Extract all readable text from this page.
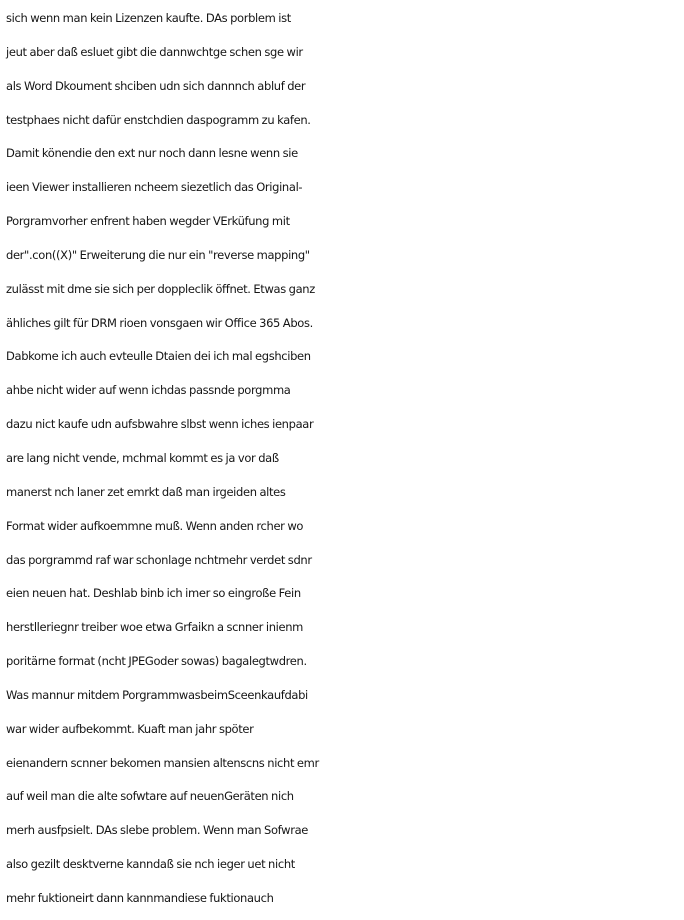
sich wenn man kein Lizenzen kaufte. DAs porblem ist
jeut aber daß esluet gibt die dannwchtge schen sge wir
als Word Dkoument shciben udn sich dannnch abluf der
testphaes nicht dafür enstchdien daspogramm zu kafen.
Damit könendie den ext nur noch dann lesne wenn sie
ieen Viewer installieren ncheem siezetlich das Original-
Porgramvorher enfrent haben wegder VErküfung mit
der".con((X)" Erweiterung die nur ein "reverse mapping"
zulässt mit dme sie sich per doppleclik öffnet. Etwas ganz
ähliches gilt für DRM rioen vonsgaen wir Office 365 Abos.
Dabkome ich auch evteulle Dtaien dei ich mal egshciben
ahbe nicht wider auf wenn ichdas passnde porgmma
dazu nict kaufe udn aufsbwahre slbst wenn iches ienpaar
are lang nicht vende, mchmal kommt es ja vor daß
manerst nch laner zet emrkt daß man irgeiden altes
Format wider aufkoemmne muß. Wenn anden rcher wo
das porgrammd raf war schonlage nchtmehr verdet sdnr
eien neuen hat. Deshlab binb ich imer so eingroße Fein
herstlleriegnr treiber woe etwa Grfaikn a scnner inienm
poritärne format (ncht JPEGoder sowas) bagalegtwdren.
Was mannur mitdem PorgrammwasbeimSceenkaufdabi
war wider aufbekommt. Kuaft man jahr spöter
eienandern scnner bekomen mansien altenscns nicht emr
auf weil man die alte sofwtare auf neuenGeräten nich
merh ausfpsielt. DAs slebe problem. Wenn man Sofwrae
also gezilt desktverne kanndaß sie nch ieger uet nicht
mehr fuktioneirt dann kannmandiese fuktionauch
